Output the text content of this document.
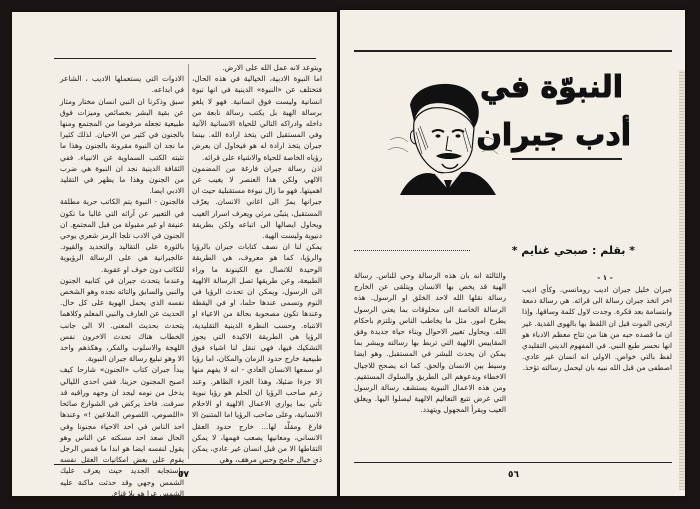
ويتوعد لانه عمل الله على الارض.
اما النبوة الادبية، الخيالية في هذه الحال، فتختلف عن «النبوة» الدينية في انها نبوة انسانية وليست فوق انسانية. فهو لا يلغو برسالة الهية بل يكتب رسالة نابعة من داخله وادراكه التالي للحياة الانسانية الآتية وفي المستقبل التي يتخذ ارادة الله. بينما جبران يتخذ ارادة له هو فيحاول ان يعرض رؤياه الخاصة للحياة والاشياء على قرائه.
اذن رسالة جبران فارغة من المضمون الالهي ولكن هذا العنصر لا يغيب عن اهميتها. فهو ما زال نبوءة مستقبلية حيث ان جبرانها يمرّ الى اغاني الانسان. يعرّف المستقبل، يتبنّى مرئي ويعرف اسرار الغيب ويحاول ايصالها الى اتباعه ولكن بطريقة دنيوية وليست الهية.
يمكن لنا ان نصف كتابات جبران بالرؤيا والرؤيا، كما هو معروف، هي الطريقة الوحيدة للاتصال مع الكينونة ما وراء الطبيعة، وعن طريقها تصل الرسالة الالهية الى الرسول، ويمكن ان تحدث الرؤيا في النوم وتسمى عندها حلما، او في اليقظة وعندها تكون مصحوبة بحالة من الاعياء او الانتباه. وحسب النظرة الدينية التقليدية، الرؤيا هي الطريقة الاكيدة التي يجوز التشكيك فيها، فهي تنقل لنا اشياء فوق طبيعية خارج حدود الزمان والمكان، اما رؤيا او سمعها الانسان العادي - انه لا يفهم منها الا جزءا ضئيلا، وهذا الجزء الظاهر. وعند زعم صاحب الرؤيا ان الحلم هو رؤيا نبوية تأتي بما يوازي الاعمال الالهية او الاحلام الانسانية، وعلى صاحب الرؤيا اما المتنبئ الا فارغ ومقلّد لها... خارج حدود العقل الانساني، ومعانيها يصعب فهمها، لا يمكن التقاطها الا من قبل انسان غير عادي، يمكن ذي خيال جامح وحس مرهف، وهي

الادوات التي يستعملها الاديب ، الشاعر في ابداعه.
سبق وذكرنا ان النبي انسان مختار ومتاز عن بقية البشر بخصائص وميزات فوق طبيعية تجعله مرفوضا من المجتمع ومنها بالجنون في كثير من الاحيان. لذلك كثيرا ما نجد ان النبوة مقرونة بالجنون وهذا ما تثبته الكتب السماوية عن الانبياء. ففي الثقافة الدينية نجد ان النبوة هي ضرب من الجنون وهذا ما يظهر في التقليد الادبي ايضا.
فالجنون - النبوة يتم الكاتب حرية مطلقة في التعبير عن آرائه التي غالبا ما تكون عنيفة او غير مقبولة من قبل المجتمع. ان الجنون في الادب تلجا الرمز شعري يوحي بالثورة على التقاليد والتحديد والقيود. عالجبرانية هي على الرسالة الرؤيوية للكاتب دون خوف او عقوبة.
وعندما يتحدث جبران في كتابيه الجنون والنبي والسابق والتائه نجده وهو الشخص نفسه الذي يحمل الهوية على كل حال. الحديث عن العارف والنبي المعلم وكلاهما يتحدث بحديث المعنى. الا الى جانب الخطاب هناك تحدث الاخرون نفس اللهجة والاسلوب والفكر، وهكذهم واحد الا وهو تبليغ رسالة جبران النبوية.
يبدأ جبران كتاب «الجنون» شارحا كيف اصبح المجنون حزينا. ففي احدى الليالي يدخل من نومه ليجد ان وجهه وراقبه قد سرقت. فاخذ يركض في الشوارع صائحا «اللصوص، اللصوص الملاعين !» وعندها احد الناس في احد الاحياء مجنونا وفي الحال صعد احد مسكته عن الناس وهو يقول لنفسه ايضا هو ابدا ما فمس الرجل يقوم على بعض امكانيات العقل نفسه واستجابه الجديد حيث يعرف عليك الشمس وجهي وقد حدثت ماكنة عليه الشمس عرا هو بلا قناع.

٥٧
النبوّة في
أدب جبران
* بقلم : صبحي غنايم *
- ١ -
جبران خليل جبران اديب رومانسي. وكأي اديب اخر اتخذ جبران رسالة الى قرائه. هي رسالة دمعة وابتسامة بعد فكرة. وجدت لاول كلمة وساقها. وإذا ارتجى الموت قبل ان اللفظ بها بالهوى القدية. غير ان ما قصده حبه من هنا من تتاج معظم الادباء هو انها نحسر طبع النبي. في المفهوم الديني التقليدي لفظ بالتي خواص. الاولى انه انسان غير عادي. اصطفى من قبل الله نبيه بان ليحمل رسالته تؤخذ.
والثالثة انه بان هذه الرسالة وحي للناس. رسالة الهية قد يخص بها الانسان ويتلقى عن الخارج رسالة نقلها الله لاحد الخلق او الرسول. هذه الرسالة الخاصة الى مخلوقات بما يعني الرسول يطرح امور. مثل ما يخاطب الناس ونلتزم باحكام الله. ويحاول تغيير الاحوال وبناء حياة جديدة وفق المقاييس الالهية التي تربط بها رسالته ويبشر بما يمكن ان يحدث للبشر في المستقبل. وهو ايضا وسيط بين الانسان والحق. كما انه يصحح للاجيال الاخطاء ويدعوهم الى الطريق والسلوك المستقيم. ومن هذه الاعمال النبوية يستشف رسالة الرسول التي غرض تتبع التعاليم الالهية ليصلوا اليها. ويعلق الغيب ويقرأ المجهول ويتهدد.
٥٦
